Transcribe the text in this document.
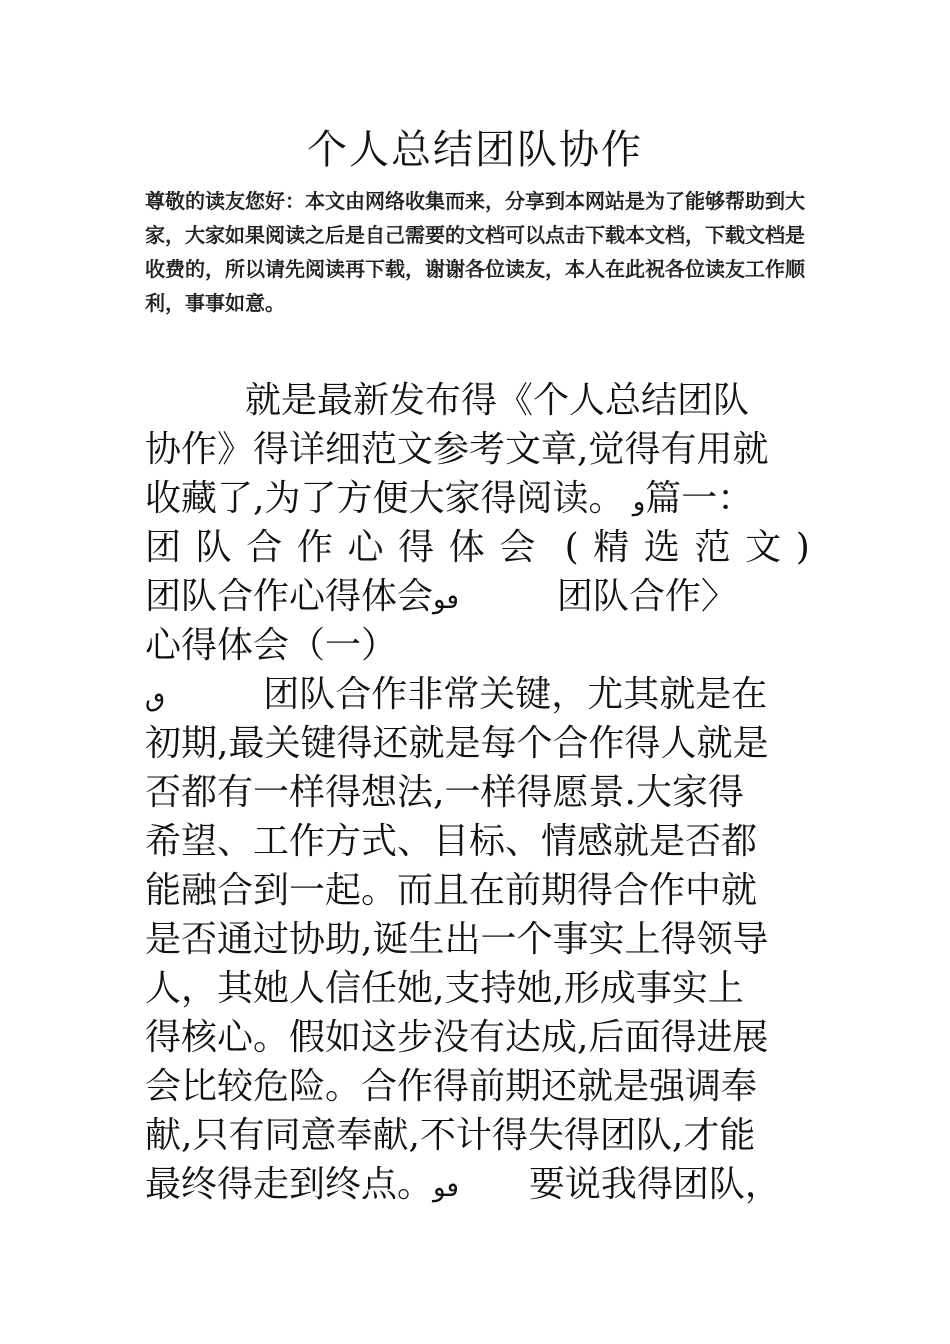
个人总结团队协作
尊敬的读友您好：本文由网络收集而来，分享到本网站是为了能够帮助到大
家，大家如果阅读之后是自己需要的文档可以点击下载本文档，下载文档是
收费的，所以请先阅读再下载，谢谢各位读友，本人在此祝各位读友工作顺
利，事事如意。
就是最新发布得《个人总结团队
协作》得详细范文参考文章,觉得有用就
收藏了,为了方便大家得阅读。 و篇一：
团 队 合 作 心 得 体 会 ( 精 选 范 文 )
团队合作心得体会ٯو	团队合作〉
心得体会（一）
ٯ	团队合作非常关键，尤其就是在
初期,最关键得还就是每个合作得人就是
否都有一样得想法,一样得愿景.大家得
希望、工作方式、目标、情感就是否都
能融合到一起。而且在前期得合作中就
是否通过协助,诞生出一个事实上得领导
人，其她人信任她,支持她,形成事实上
得核心。假如这步没有达成,后面得进展
会比较危险。合作得前期还就是强调奉
献,只有同意奉献,不计得失得团队,才能
最终得走到终点。ٯو 要说我得团队，
